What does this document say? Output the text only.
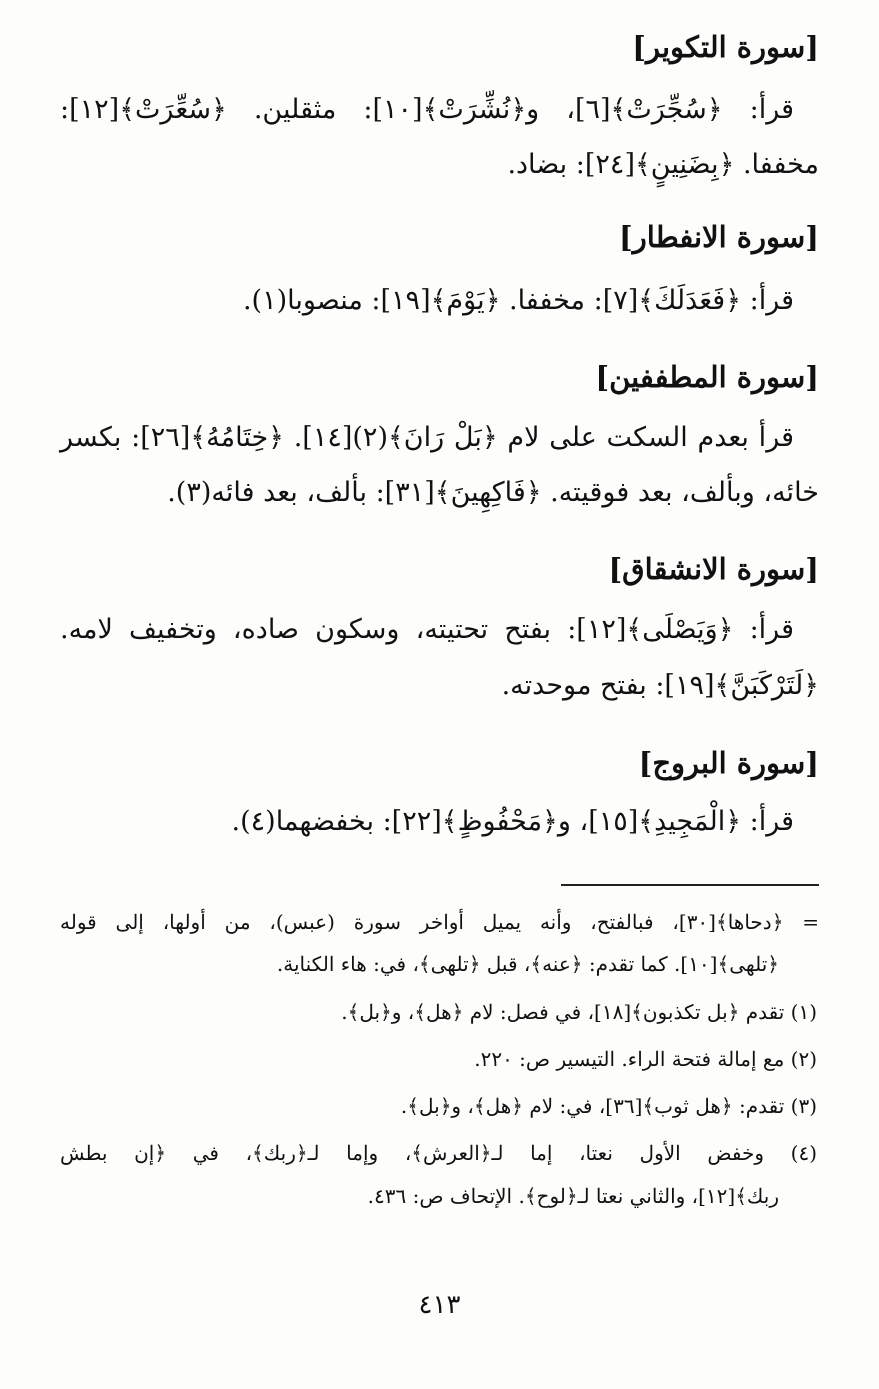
[سورة التكوير]
قرأ: ﴿سُجِّرَتْ﴾[٦]، و﴿نُشِّرَتْ﴾[١٠]: مثقلين. ﴿سُعِّرَتْ﴾[١٢]:
مخففا. ﴿بِضَنِينٍ﴾[٢٤]: بضاد.
[سورة الانفطار]
قرأ: ﴿فَعَدَلَكَ﴾[٧]: مخففا. ﴿يَوْمَ﴾[١٩]: منصوبا(١).
[سورة المطففين]
قرأ بعدم السكت على لام ﴿بَلْ رَانَ﴾(٢)[١٤]. ﴿خِتَامُهُ﴾[٢٦]: بكسر
خائه، وبألف، بعد فوقيته. ﴿فَاكِهِينَ﴾[٣١]: بألف، بعد فائه(٣).
[سورة الانشقاق]
قرأ: ﴿وَيَصْلَى﴾[١٢]: بفتح تحتيته، وسكون صاده، وتخفيف لامه.
﴿لَتَرْكَبَنَّ﴾[١٩]: بفتح موحدته.
[سورة البروج]
قرأ: ﴿الْمَجِيدِ﴾[١٥]، و﴿مَحْفُوظٍ﴾[٢٢]: بخفضهما(٤).
= ﴿دحاها﴾[٣٠]، فبالفتح، وأنه يميل أواخر سورة (عبس)، من أولها، إلى قوله
﴿تلهى﴾[١٠]. كما تقدم: ﴿عنه﴾، قبل ﴿تلهى﴾، في: هاء الكناية.
(١) تقدم ﴿بل تكذبون﴾[١٨]، في فصل: لام ﴿هل﴾، و﴿بل﴾.
(٢) مع إمالة فتحة الراء. التيسير ص: ٢٢٠.
(٣) تقدم: ﴿هل ثوب﴾[٣٦]، في: لام ﴿هل﴾، و﴿بل﴾.
(٤) وخفض الأول نعتا، إما لـ﴿العرش﴾، وإما لـ﴿ربك﴾، في ﴿إن بطش
ربك﴾[١٢]، والثاني نعتا لـ﴿لوح﴾. الإتحاف ص: ٤٣٦.
٤١٣
